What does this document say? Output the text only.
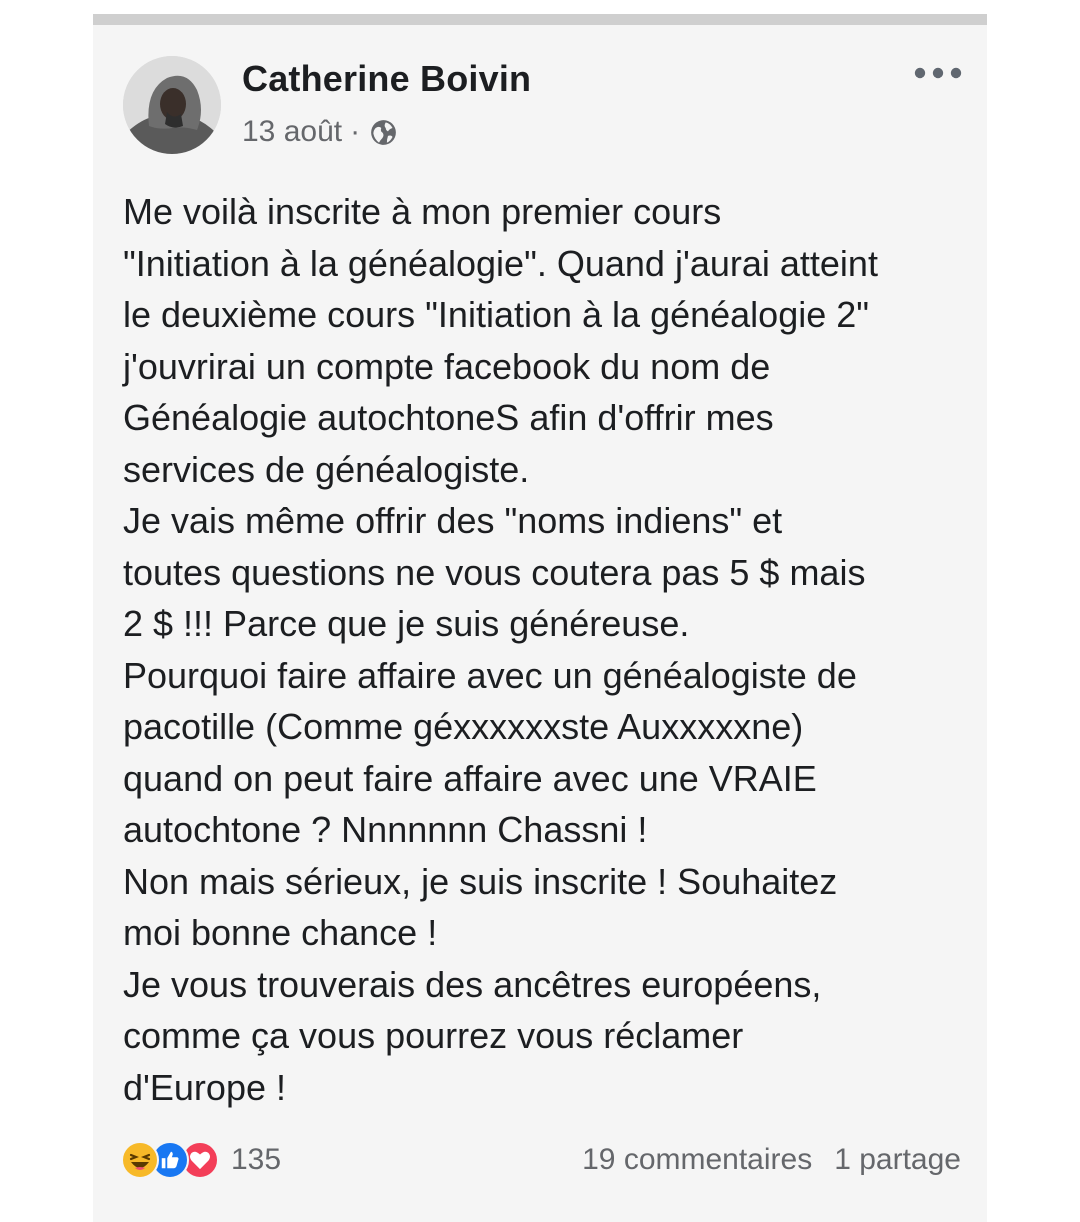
Catherine Boivin
13 août ·
Me voilà inscrite à mon premier cours
"Initiation à la généalogie". Quand j'aurai atteint
le deuxième cours "Initiation à la généalogie 2"
j'ouvrirai un compte facebook du nom de
Généalogie autochtoneS afin d'offrir mes
services de généalogiste.
Je vais même offrir des "noms indiens" et
toutes questions ne vous coutera pas 5 $ mais
2 $ !!! Parce que je suis généreuse.
Pourquoi faire affaire avec un généalogiste de
pacotille (Comme géxxxxxxste Auxxxxxne)
quand on peut faire affaire avec une VRAIE
autochtone ? Nnnnnnn Chassni !
Non mais sérieux, je suis inscrite ! Souhaitez
moi bonne chance !
Je vous trouverais des ancêtres européens,
comme ça vous pourrez vous réclamer
d'Europe !
135	19 commentaires 1 partage
